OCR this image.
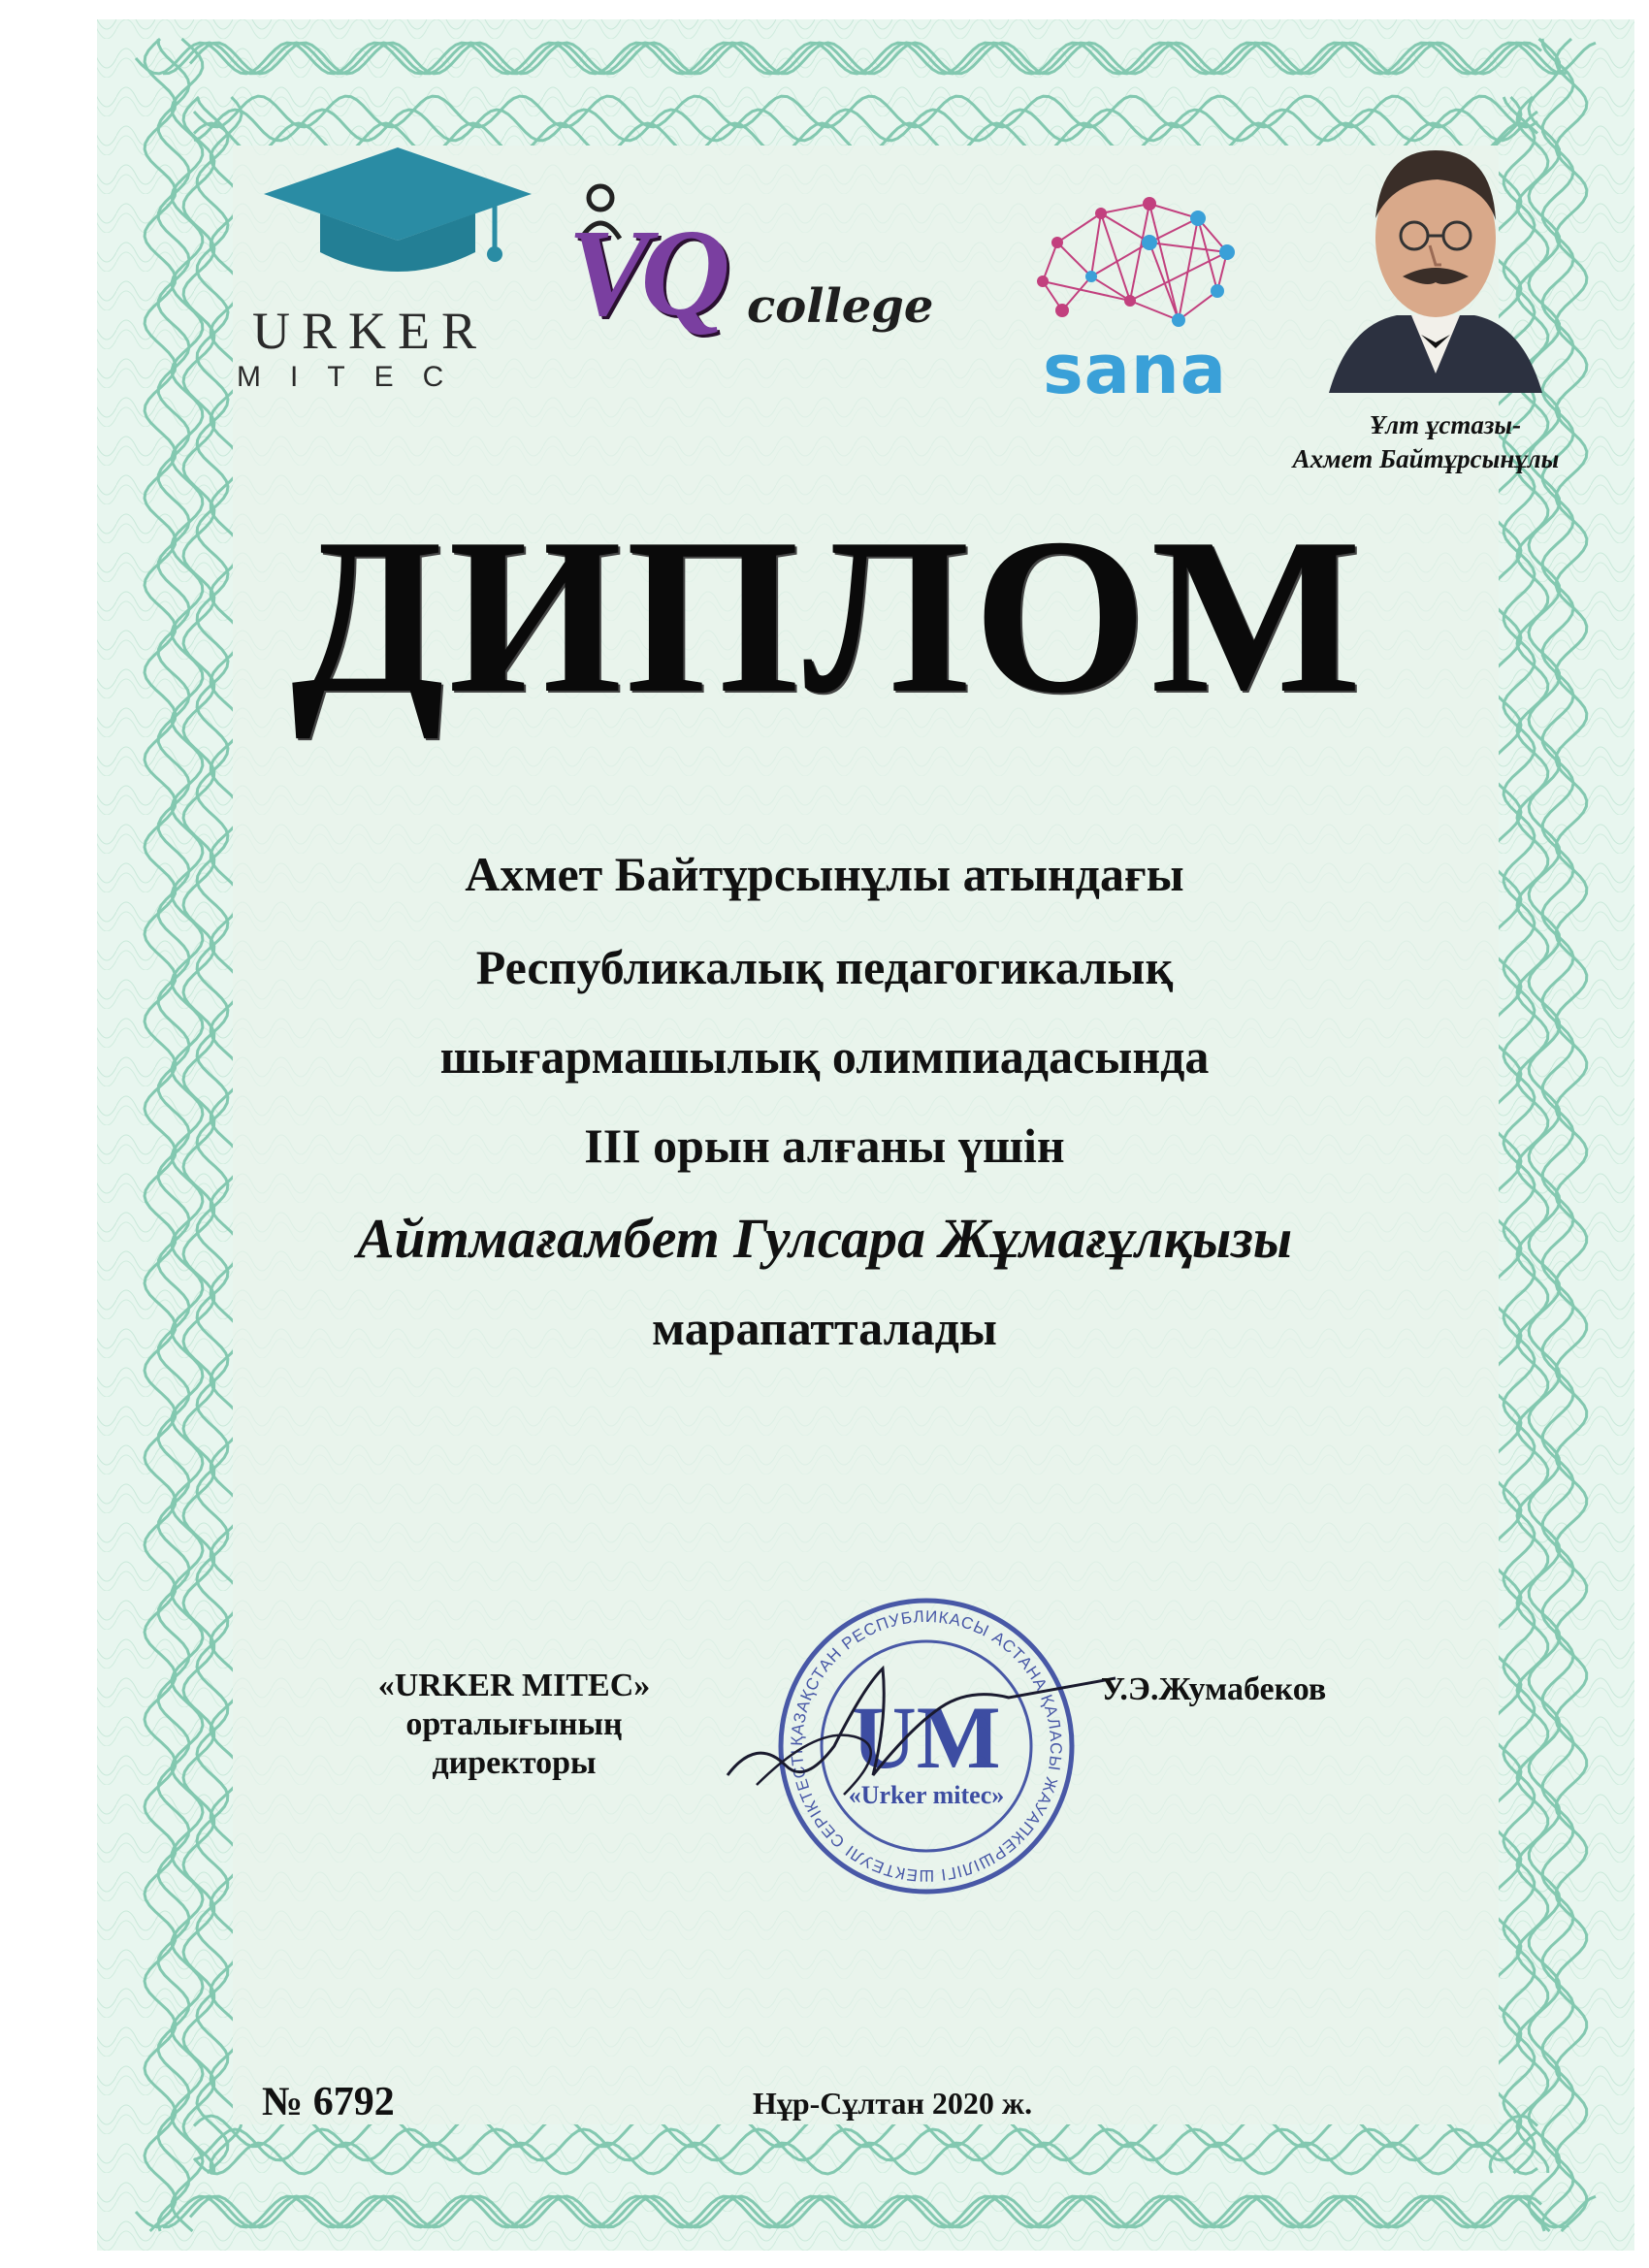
URKER
MITEC
VQ college
sana
Ұлт ұстазы-
Ахмет Байтұрсынұлы
ДИПЛОМ
Ахмет Байтұрсынұлы атындағы
Республикалық педагогикалық
шығармашылық олимпиадасында
ІІІ орын алғаны үшін
Айтмағамбет Гулсара Жұмағұлқызы
марапатталады
«URKER MITEC»
орталығының
директоры
ҚАЗАҚСТАН РЕСПУБЛИКАСЫ АСТАНА ҚАЛАСЫ ЖАУАПКЕРШІЛІГІ ШЕКТЕУЛІ СЕРІКТЕСТІ UM
«Urker mitec»
У.Э.Жумабеков
№ 6792	Нұр-Сұлтан 2020 ж.
